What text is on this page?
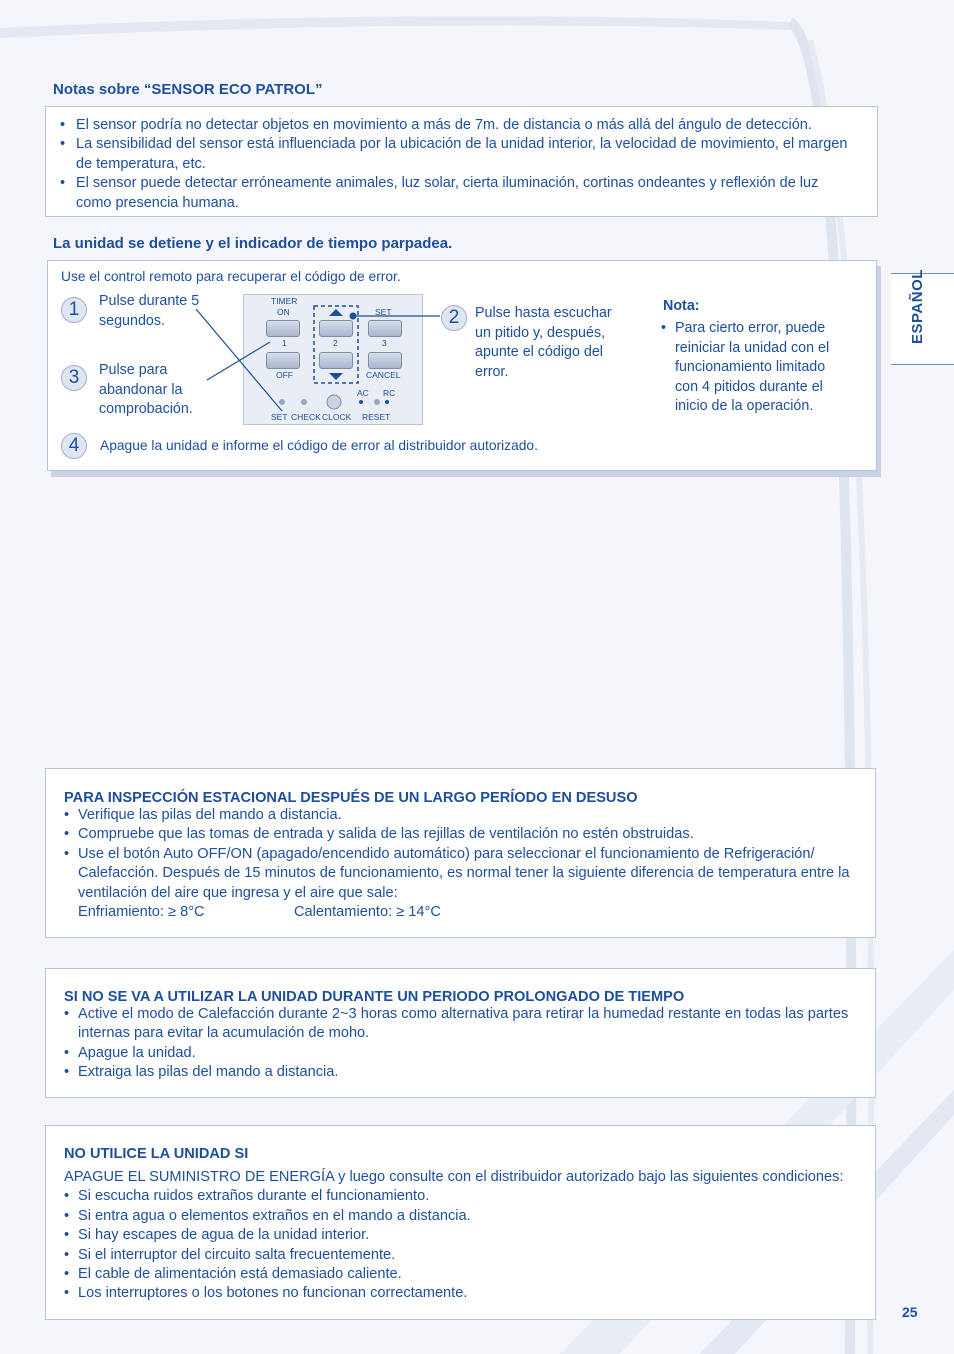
Notas sobre “SENSOR ECO PATROL”
• El sensor podría no detectar objetos en movimiento a más de 7m. de distancia o más allá del ángulo de detección.
• La sensibilidad del sensor está influenciada por la ubicación de la unidad interior, la velocidad de movimiento, el margen de temperatura, etc.
• El sensor puede detectar erróneamente animales, luz solar, cierta iluminación, cortinas ondeantes y reflexión de luz como presencia humana.
La unidad se detiene y el indicador de tiempo parpadea.
Use el control remoto para recuperar el código de error.
1	Pulse durante 5 segundos.
3	Pulse para abandonar la comprobación.
2	Pulse hasta escuchar un pitido y, después, apunte el código del error.
4	Apague la unidad e informe el código de error al distribuidor autorizado.
Nota:
• Para cierto error, puede reiniciar la unidad con el funcionamiento limitado con 4 pitidos durante el inicio de la operación.
TIMER
ON	SET
1	2	3
OFF	CANCEL
AC RC
SET CHECK CLOCK RESET
ESPAÑOL
PARA INSPECCIÓN ESTACIONAL DESPUÉS DE UN LARGO PERÍODO EN DESUSO
• Verifique las pilas del mando a distancia.
• Compruebe que las tomas de entrada y salida de las rejillas de ventilación no estén obstruidas.
• Use el botón Auto OFF/ON (apagado/encendido automático) para seleccionar el funcionamiento de Refrigeración/ Calefacción. Después de 15 minutos de funcionamiento, es normal tener la siguiente diferencia de temperatura entre la ventilación del aire que ingresa y el aire que sale:
Enfriamiento: ≥ 8°C	Calentamiento: ≥ 14°C
SI NO SE VA A UTILIZAR LA UNIDAD DURANTE UN PERIODO PROLONGADO DE TIEMPO
• Active el modo de Calefacción durante 2~3 horas como alternativa para retirar la humedad restante en todas las partes internas para evitar la acumulación de moho.
• Apague la unidad.
• Extraiga las pilas del mando a distancia.
NO UTILICE LA UNIDAD SI
APAGUE EL SUMINISTRO DE ENERGÍA y luego consulte con el distribuidor autorizado bajo las siguientes condiciones:
• Si escucha ruidos extraños durante el funcionamiento.
• Si entra agua o elementos extraños en el mando a distancia.
• Si hay escapes de agua de la unidad interior.
• Si el interruptor del circuito salta frecuentemente.
• El cable de alimentación está demasiado caliente.
• Los interruptores o los botones no funcionan correctamente.
25
